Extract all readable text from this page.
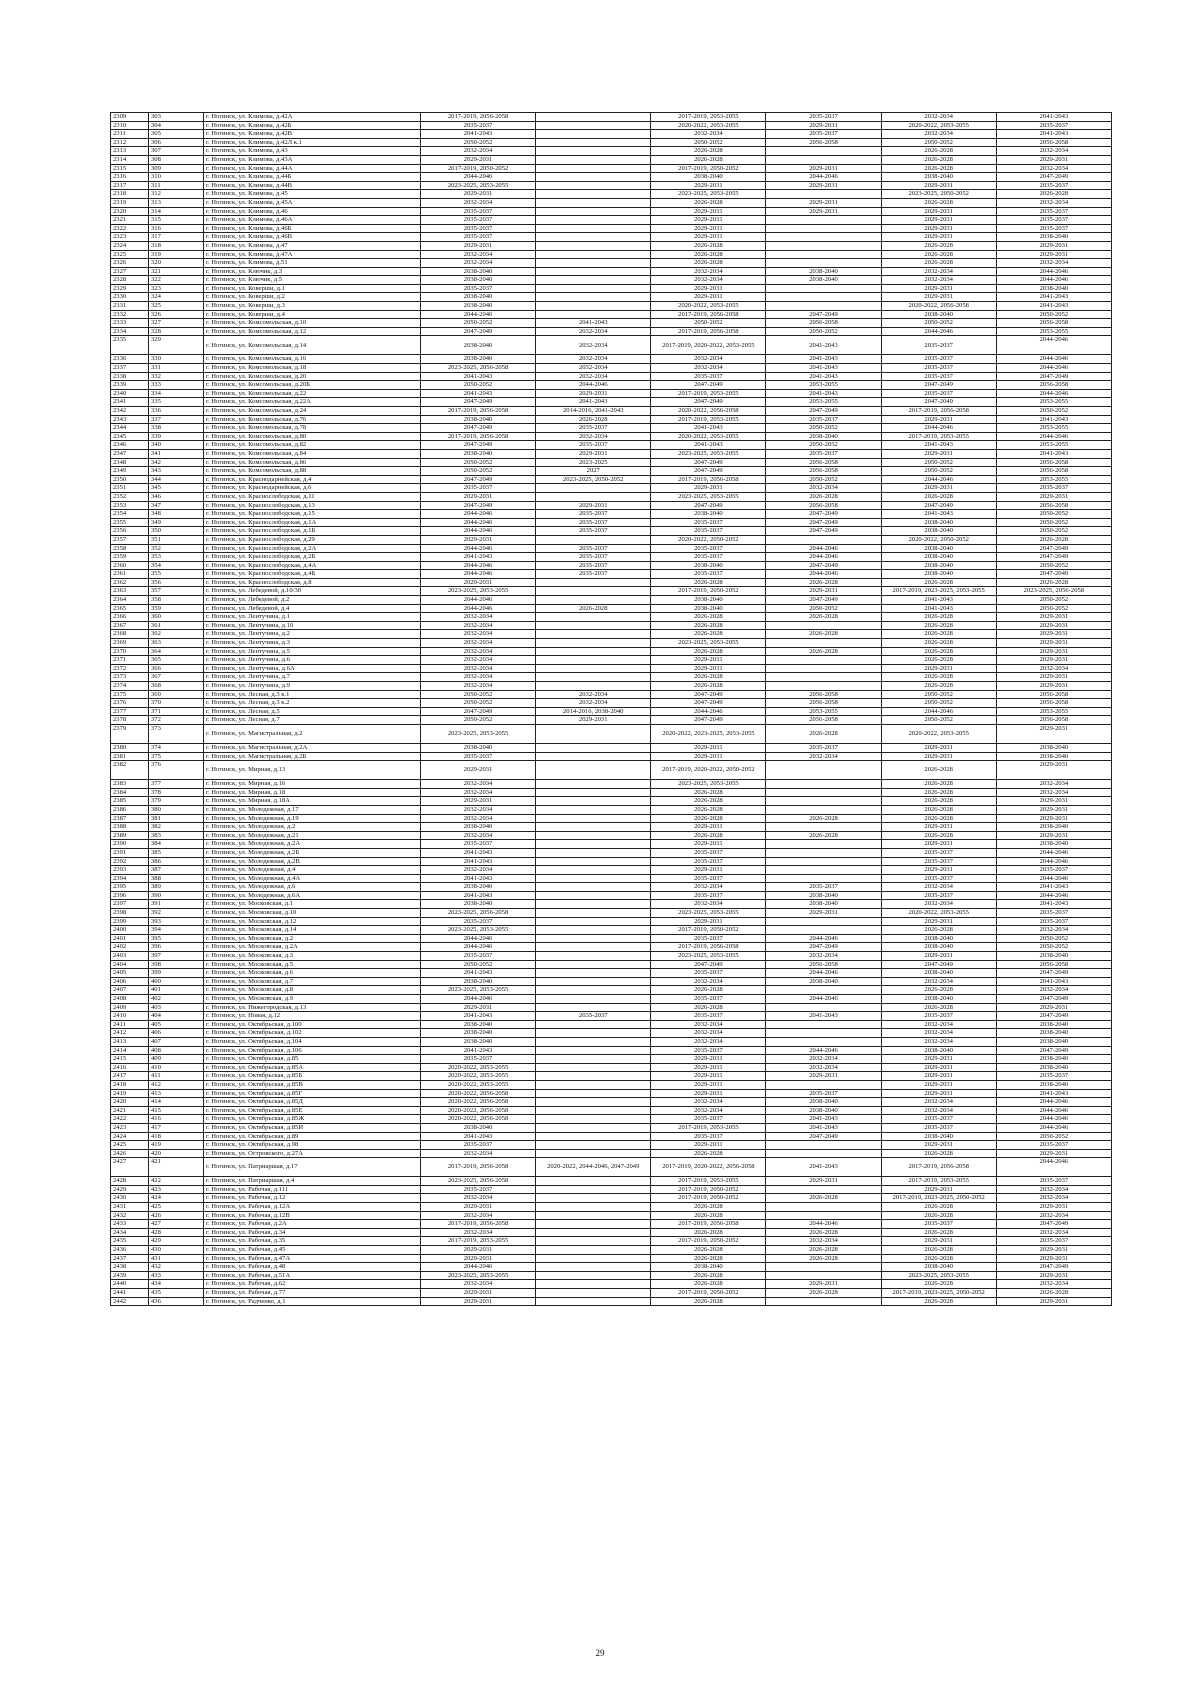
2309	303	г. Ногинск, ул. Климова, д.42А	2017-2019, 2056-2058		2017-2019, 2053-2055	2035-2037	2032-2034	2041-2043
2310	304	г. Ногинск, ул. Климова, д.42Б	2035-2037		2020-2022, 2053-2055	2029-2031	2020-2022, 2053-2055	2035-2037
2311	305	г. Ногинск, ул. Климова, д.42В	2041-2043		2032-2034	2035-2037	2032-2034	2041-2043
2312	306	г. Ногинск, ул. Климова, д.42Л к.1	2050-2052		2050-2052	2056-2058	2050-2052	2056-2058
2313	307	г. Ногинск, ул. Климова, д.43	2032-2034		2026-2028		2026-2028	2032-2034
2314	308	г. Ногинск, ул. Климова, д.43А	2029-2031		2026-2028		2026-2028	2029-2031
2315	309	г. Ногинск, ул. Климова, д.44А	2017-2019, 2050-2052		2017-2019, 2050-2052	2029-2031	2026-2028	2032-2034
2316	310	г. Ногинск, ул. Климова, д.44Б	2044-2046		2038-2040	2044-2046	2038-2040	2047-2049
2317	311	г. Ногинск, ул. Климова, д.44В	2023-2025, 2053-2055		2029-2031	2029-2031	2029-2031	2035-2037
2318	312	г. Ногинск, ул. Климова, д.45	2029-2031		2023-2025, 2053-2055		2023-2025, 2050-2052	2026-2028
2319	313	г. Ногинск, ул. Климова, д.45А	2032-2034		2026-2028	2029-2031	2026-2028	2032-2034
2320	314	г. Ногинск, ул. Климова, д.46	2035-2037		2029-2031	2029-2031	2029-2031	2035-2037
2321	315	г. Ногинск, ул. Климова, д.46А	2035-2037		2029-2031		2029-2031	2035-2037
2322	316	г. Ногинск, ул. Климова, д.46Б	2035-2037		2029-2031		2029-2031	2035-2037
2323	317	г. Ногинск, ул. Климова, д.46В	2035-2037		2029-2031		2029-2031	2038-2040
2324	318	г. Ногинск, ул. Климова, д.47	2029-2031		2026-2028		2026-2028	2029-2031
2325	319	г. Ногинск, ул. Климова, д.47А	2032-2034		2026-2028		2026-2028	2029-2031
2326	320	г. Ногинск, ул. Климова, д.51	2032-2034		2026-2028		2026-2028	2032-2034
2327	321	г. Ногинск, ул. Ключик, д.3	2038-2040		2032-2034	2038-2040	2032-2034	2044-2046
2328	322	г. Ногинск, ул. Ключик, д.5	2038-2040		2032-2034	2038-2040	2032-2034	2044-2046
2329	323	г. Ногинск, ул. Коверши, д.1	2035-2037		2029-2031		2029-2031	2038-2040
2330	324	г. Ногинск, ул. Коверши, д.2	2038-2040		2029-2031		2029-2031	2041-2043
2331	325	г. Ногинск, ул. Коверши, д.3	2038-2040		2020-2022, 2053-2055		2020-2022, 2056-2058	2041-2043
2332	326	г. Ногинск, ул. Коверши, д.4	2044-2046		2017-2019, 2056-2058	2047-2049	2038-2040	2050-2052
2333	327	г. Ногинск, ул. Комсомольская, д.10	2050-2052	2041-2043	2050-2052	2056-2058	2050-2052	2056-2058
2334	328	г. Ногинск, ул. Комсомольская, д.12	2047-2049	2032-2034	2017-2019, 2056-2058	2050-2052	2044-2046	2053-2055
2335	329	г. Ногинск, ул. Комсомольская, д.14	2038-2040	2032-2034	2017-2019, 2020-2022, 2053-2055	2041-2043	2035-2037	2044-2046
2336	330	г. Ногинск, ул. Комсомольская, д.16	2038-2040	2032-2034	2032-2034	2041-2043	2035-2037	2044-2046
2337	331	г. Ногинск, ул. Комсомольская, д.18	2023-2025, 2056-2058	2032-2034	2032-2034	2041-2043	2035-2037	2044-2046
2338	332	г. Ногинск, ул. Комсомольская, д.20	2041-2043	2032-2034	2035-2037	2041-2043	2035-2037	2047-2049
2339	333	г. Ногинск, ул. Комсомольская, д.20Б	2050-2052	2044-2046	2047-2049	2053-2055	2047-2049	2056-2058
2340	334	г. Ногинск, ул. Комсомольская, д.22	2041-2043	2029-2031	2017-2019, 2053-2055	2041-2043	2035-2037	2044-2046
2341	335	г. Ногинск, ул. Комсомольская, д.22А	2047-2049	2041-2043	2047-2049	2053-2055	2047-2049	2053-2055
2342	336	г. Ногинск, ул. Комсомольская, д.24	2017-2019, 2056-2058	2014-2016, 2041-2043	2020-2022, 2056-2058	2047-2049	2017-2019, 2056-2058	2050-2052
2343	337	г. Ногинск, ул. Комсомольская, д.76	2038-2040	2026-2028	2017-2019, 2053-2055	2035-2037	2029-2031	2041-2043
2344	338	г. Ногинск, ул. Комсомольская, д.78	2047-2049	2035-2037	2041-2043	2050-2052	2044-2046	2053-2055
2345	339	г. Ногинск, ул. Комсомольская, д.80	2017-2019, 2056-2058	2032-2034	2020-2022, 2053-2055	2038-2040	2017-2019, 2053-2055	2044-2046
2346	340	г. Ногинск, ул. Комсомольская, д.82	2047-2049	2035-2037	2041-2043	2050-2052	2041-2043	2053-2055
2347	341	г. Ногинск, ул. Комсомольская, д.84	2038-2040	2029-2031	2023-2025, 2053-2055	2035-2037	2029-2031	2041-2043
2348	342	г. Ногинск, ул. Комсомольская, д.86	2050-2052	2023-2025	2047-2049	2056-2058	2050-2052	2056-2058
2349	343	г. Ногинск, ул. Комсомольская, д.88	2050-2052	2027	2047-2049	2056-2058	2050-2052	2056-2058
2350	344	г. Ногинск, ул. Краснодарнейская, д.4	2047-2049	2023-2025, 2050-2052	2017-2019, 2056-2058	2050-2052	2044-2046	2053-2055
2351	345	г. Ногинск, ул. Краснодарнейская, д.6	2035-2037		2029-2031	2032-2034	2029-2031	2035-2037
2352	346	г. Ногинск, ул. Краснослободская, д.11	2029-2031		2023-2025, 2053-2055	2026-2028	2026-2028	2029-2031
2353	347	г. Ногинск, ул. Краснослободская, д.13	2047-2049	2029-2031	2047-2049	2056-2058	2047-2049	2056-2058
2354	348	г. Ногинск, ул. Краснослободская, д.15	2044-2046	2035-2037	2038-2040	2047-2049	2041-2043	2050-2052
2355	349	г. Ногинск, ул. Краснослободская, д.1А	2044-2046	2035-2037	2035-2037	2047-2049	2038-2040	2050-2052
2356	350	г. Ногинск, ул. Краснослободская, д.1Б	2044-2046	2035-2037	2035-2037	2047-2049	2038-2040	2050-2052
2357	351	г. Ногинск, ул. Краснослободская, д.29	2029-2031		2020-2022, 2050-2052		2020-2022, 2050-2052	2026-2028
2358	352	г. Ногинск, ул. Краснослободская, д.2А	2044-2046	2035-2037	2035-2037	2044-2046	2038-2040	2047-2049
2359	353	г. Ногинск, ул. Краснослободская, д.2Б	2041-2043	2035-2037	2035-2037	2044-2046	2038-2040	2047-2049
2360	354	г. Ногинск, ул. Краснослободская, д.4А	2044-2046	2035-2037	2038-2040	2047-2049	2038-2040	2050-2052
2361	355	г. Ногинск, ул. Краснослободская, д.4Б	2044-2046	2035-2037	2035-2037	2044-2046	2038-2040	2047-2049
2362	356	г. Ногинск, ул. Краснослободская, д.8	2029-2031		2026-2028	2026-2028	2026-2028	2026-2028
2363	357	г. Ногинск, ул. Лебедевой, д.10/30	2023-2025, 2053-2055		2017-2019, 2050-2052	2029-2031	2017-2019, 2023-2025, 2053-2055	2023-2025, 2056-2058
2364	358	г. Ногинск, ул. Лебедевой, д.2	2044-2046		2038-2040	2047-2049	2041-2043	2050-2052
2365	359	г. Ногинск, ул. Лебедевой, д.4	2044-2046	2026-2028	2038-2040	2050-2052	2041-2043	2050-2052
2366	360	г. Ногинск, ул. Лентучина, д.1	2032-2034		2026-2028	2026-2028	2026-2028	2029-2031
2367	361	г. Ногинск, ул. Лентучина, д.10	2032-2034		2026-2028		2026-2028	2029-2031
2368	362	г. Ногинск, ул. Лентучина, д.2	2032-2034		2026-2028	2026-2028	2026-2028	2029-2031
2369	363	г. Ногинск, ул. Лентучина, д.3	2032-2034		2023-2025, 2053-2055		2026-2028	2029-2031
2370	364	г. Ногинск, ул. Лентучина, д.5	2032-2034		2026-2028	2026-2028	2026-2028	2029-2031
2371	365	г. Ногинск, ул. Лентучина, д.6	2032-2034		2029-2031		2026-2028	2029-2031
2372	366	г. Ногинск, ул. Лентучина, д.6А	2032-2034		2029-2031		2029-2031	2032-2034
2373	367	г. Ногинск, ул. Лентучина, д.7	2032-2034		2026-2028		2026-2028	2029-2031
2374	368	г. Ногинск, ул. Лентучина, д.9	2032-2034		2026-2028		2026-2028	2029-2031
2375	369	г. Ногинск, ул. Лесная, д.3 к.1	2050-2052	2032-2034	2047-2049	2056-2058	2050-2052	2056-2058
2376	370	г. Ногинск, ул. Лесная, д.3 к.2	2050-2052	2032-2034	2047-2049	2056-2058	2050-2052	2056-2058
2377	371	г. Ногинск, ул. Лесная, д.5	2047-2049	2014-2016, 2038-2040	2044-2046	2053-2055	2044-2046	2053-2055
2378	372	г. Ногинск, ул. Лесная, д.7	2050-2052	2029-2031	2047-2049	2056-2058	2050-2052	2056-2058
2379	373	г. Ногинск, ул. Магистральная, д.2	2023-2025, 2053-2055		2020-2022, 2023-2025, 2053-2055	2026-2028	2020-2022, 2053-2055	2029-2031
2380	374	г. Ногинск, ул. Магистральная, д.2А	2038-2040		2029-2031	2035-2037	2029-2031	2038-2040
2381	375	г. Ногинск, ул. Магистральная, д.2Б	2035-2037		2029-2031	2032-2034	2029-2031	2038-2040
2382	376	г. Ногинск, ул. Мирная, д.13	2029-2031		2017-2019, 2020-2022, 2050-2052		2026-2028	2029-2031
2383	377	г. Ногинск, ул. Мирная, д.16	2032-2034		2023-2025, 2053-2055		2026-2028	2032-2034
2384	378	г. Ногинск, ул. Мирная, д.18	2032-2034		2026-2028		2026-2028	2032-2034
2385	379	г. Ногинск, ул. Мирная, д.18А	2029-2031		2026-2028		2026-2028	2029-2031
2386	380	г. Ногинск, ул. Молодежная, д.17	2032-2034		2026-2028		2026-2028	2029-2031
2387	381	г. Ногинск, ул. Молодежная, д.19	2032-2034		2026-2028	2026-2028	2026-2028	2029-2031
2388	382	г. Ногинск, ул. Молодежная, д.2	2038-2040		2029-2031		2029-2031	2038-2040
2389	383	г. Ногинск, ул. Молодежная, д.21	2032-2034		2026-2028	2026-2028	2026-2028	2029-2031
2390	384	г. Ногинск, ул. Молодежная, д.2А	2035-2037		2029-2031		2029-2031	2038-2040
2391	385	г. Ногинск, ул. Молодежная, д.2Б	2041-2043		2035-2037		2035-2037	2044-2046
2392	386	г. Ногинск, ул. Молодежная, д.2В	2041-2043		2035-2037		2035-2037	2044-2046
2393	387	г. Ногинск, ул. Молодежная, д.4	2032-2034		2029-2031		2029-2031	2035-2037
2394	388	г. Ногинск, ул. Молодежная, д.4А	2041-2043		2035-2037		2035-2037	2044-2046
2395	389	г. Ногинск, ул. Молодежная, д.6	2038-2040		2032-2034	2035-2037	2032-2034	2041-2043
2396	390	г. Ногинск, ул. Молодежная, д.6А	2041-2043		2035-2037	2038-2040	2035-2037	2044-2046
2397	391	г. Ногинск, ул. Московская, д.1	2038-2040		2032-2034	2038-2040	2032-2034	2041-2043
2398	392	г. Ногинск, ул. Московская, д.10	2023-2025, 2056-2058		2023-2025, 2053-2055	2029-2031	2020-2022, 2053-2055	2035-2037
2399	393	г. Ногинск, ул. Московская, д.12	2035-2037		2029-2031		2029-2031	2035-2037
2400	394	г. Ногинск, ул. Московская, д.14	2023-2025, 2053-2055		2017-2019, 2050-2052		2026-2028	2032-2034
2401	395	г. Ногинск, ул. Московская, д.2	2044-2046		2035-2037	2044-2046	2038-2040	2050-2052
2402	396	г. Ногинск, ул. Московская, д.2А	2044-2046		2017-2019, 2056-2058	2047-2049	2038-2040	2050-2052
2403	397	г. Ногинск, ул. Московская, д.3	2035-2037		2023-2025, 2053-2055	2032-2034	2029-2031	2038-2040
2404	398	г. Ногинск, ул. Московская, д.5	2050-2052		2047-2049	2056-2058	2047-2049	2056-2058
2405	399	г. Ногинск, ул. Московская, д.6	2041-2043		2035-2037	2044-2046	2038-2040	2047-2049
2406	400	г. Ногинск, ул. Московская, д.7	2038-2040		2032-2034	2038-2040	2032-2034	2041-2043
2407	401	г. Ногинск, ул. Московская, д.8	2023-2025, 2053-2055		2026-2028		2026-2028	2032-2034
2408	402	г. Ногинск, ул. Московская, д.9	2044-2046		2035-2037	2044-2046	2038-2040	2047-2049
2409	403	г. Ногинск, ул. Нижегородская, д.13	2029-2031		2026-2028		2026-2028	2029-2031
2410	404	г. Ногинск, ул. Новая, д.12	2041-2043	2035-2037	2035-2037	2041-2043	2035-2037	2047-2049
2411	405	г. Ногинск, ул. Октябрьская, д.100	2038-2040		2032-2034		2032-2034	2038-2040
2412	406	г. Ногинск, ул. Октябрьская, д.102	2038-2040		2032-2034		2032-2034	2038-2040
2413	407	г. Ногинск, ул. Октябрьская, д.104	2038-2040		2032-2034		2032-2034	2038-2040
2414	408	г. Ногинск, ул. Октябрьская, д.106	2041-2043		2035-2037	2044-2046	2038-2040	2047-2049
2415	409	г. Ногинск, ул. Октябрьская, д.85	2035-2037		2029-2031	2032-2034	2029-2031	2038-2040
2416	410	г. Ногинск, ул. Октябрьская, д.85А	2020-2022, 2053-2055		2029-2031	2032-2034	2029-2031	2038-2040
2417	411	г. Ногинск, ул. Октябрьская, д.85Б	2020-2022, 2053-2055		2029-2031	2029-2031	2029-2031	2035-2037
2418	412	г. Ногинск, ул. Октябрьская, д.85В	2020-2022, 2053-2055		2029-2031		2029-2031	2038-2040
2419	413	г. Ногинск, ул. Октябрьская, д.85Г	2020-2022, 2056-2058		2029-2031	2035-2037	2029-2031	2041-2043
2420	414	г. Ногинск, ул. Октябрьская, д.85Д	2020-2022, 2056-2058		2032-2034	2038-2040	2032-2034	2044-2046
2421	415	г. Ногинск, ул. Октябрьская, д.85Е	2020-2022, 2056-2058		2032-2034	2038-2040	2032-2034	2044-2046
2422	416	г. Ногинск, ул. Октябрьская, д.85Ж	2020-2022, 2056-2058		2035-2037	2041-2043	2035-2037	2044-2046
2423	417	г. Ногинск, ул. Октябрьская, д.85И	2038-2040		2017-2019, 2053-2055	2041-2043	2035-2037	2044-2046
2424	418	г. Ногинск, ул. Октябрьская, д.89	2041-2043		2035-2037	2047-2049	2038-2040	2050-2052
2425	419	г. Ногинск, ул. Октябрьская, д.98	2035-2037		2029-2031		2029-2031	2035-2037
2426	420	г. Ногинск, ул. Островского, д.27А	2032-2034		2026-2028		2026-2028	2029-2031
2427	421	г. Ногинск, ул. Патриаршая, д.17	2017-2019, 2056-2058	2020-2022, 2044-2046, 2047-2049	2017-2019, 2020-2022, 2056-2058	2041-2043	2017-2019, 2056-2058	2044-2046
2428	422	г. Ногинск, ул. Патриаршая, д.4	2023-2025, 2056-2058		2017-2019, 2053-2055	2029-2031	2017-2019, 2053-2055	2035-2037
2429	423	г. Ногинск, ул. Рабочая, д.111	2035-2037		2017-2019, 2050-2052		2029-2031	2032-2034
2430	424	г. Ногинск, ул. Рабочая, д.12	2032-2034		2017-2019, 2050-2052	2026-2028	2017-2019, 2023-2025, 2050-2052	2032-2034
2431	425	г. Ногинск, ул. Рабочая, д.12А	2029-2031		2026-2028		2026-2028	2029-2031
2432	426	г. Ногинск, ул. Рабочая, д.12В	2032-2034		2026-2028		2026-2028	2032-2034
2433	427	г. Ногинск, ул. Рабочая, д.2А	2017-2019, 2056-2058		2017-2019, 2056-2058	2044-2046	2035-2037	2047-2049
2434	428	г. Ногинск, ул. Рабочая, д.34	2032-2034		2026-2028	2026-2028	2026-2028	2032-2034
2435	429	г. Ногинск, ул. Рабочая, д.35	2017-2019, 2053-2055		2017-2019, 2050-2052	2032-2034	2029-2031	2035-2037
2436	430	г. Ногинск, ул. Рабочая, д.45	2029-2031		2026-2028	2026-2028	2026-2028	2029-2031
2437	431	г. Ногинск, ул. Рабочая, д.47А	2029-2031		2026-2028	2026-2028	2026-2028	2029-2031
2438	432	г. Ногинск, ул. Рабочая, д.48	2044-2046		2038-2040		2038-2040	2047-2049
2439	433	г. Ногинск, ул. Рабочая, д.51А	2023-2025, 2053-2055		2026-2028		2023-2025, 2053-2055	2029-2031
2440	434	г. Ногинск, ул. Рабочая, д.62	2032-2034		2026-2028	2029-2031	2026-2028	2032-2034
2441	435	г. Ногинск, ул. Рабочая, д.77	2029-2031		2017-2019, 2050-2052	2026-2028	2017-2019, 2023-2025, 2050-2052	2026-2028
2442	436	г. Ногинск, ул. Радченко, д.1	2029-2031		2026-2028		2026-2028	2029-2031
29
